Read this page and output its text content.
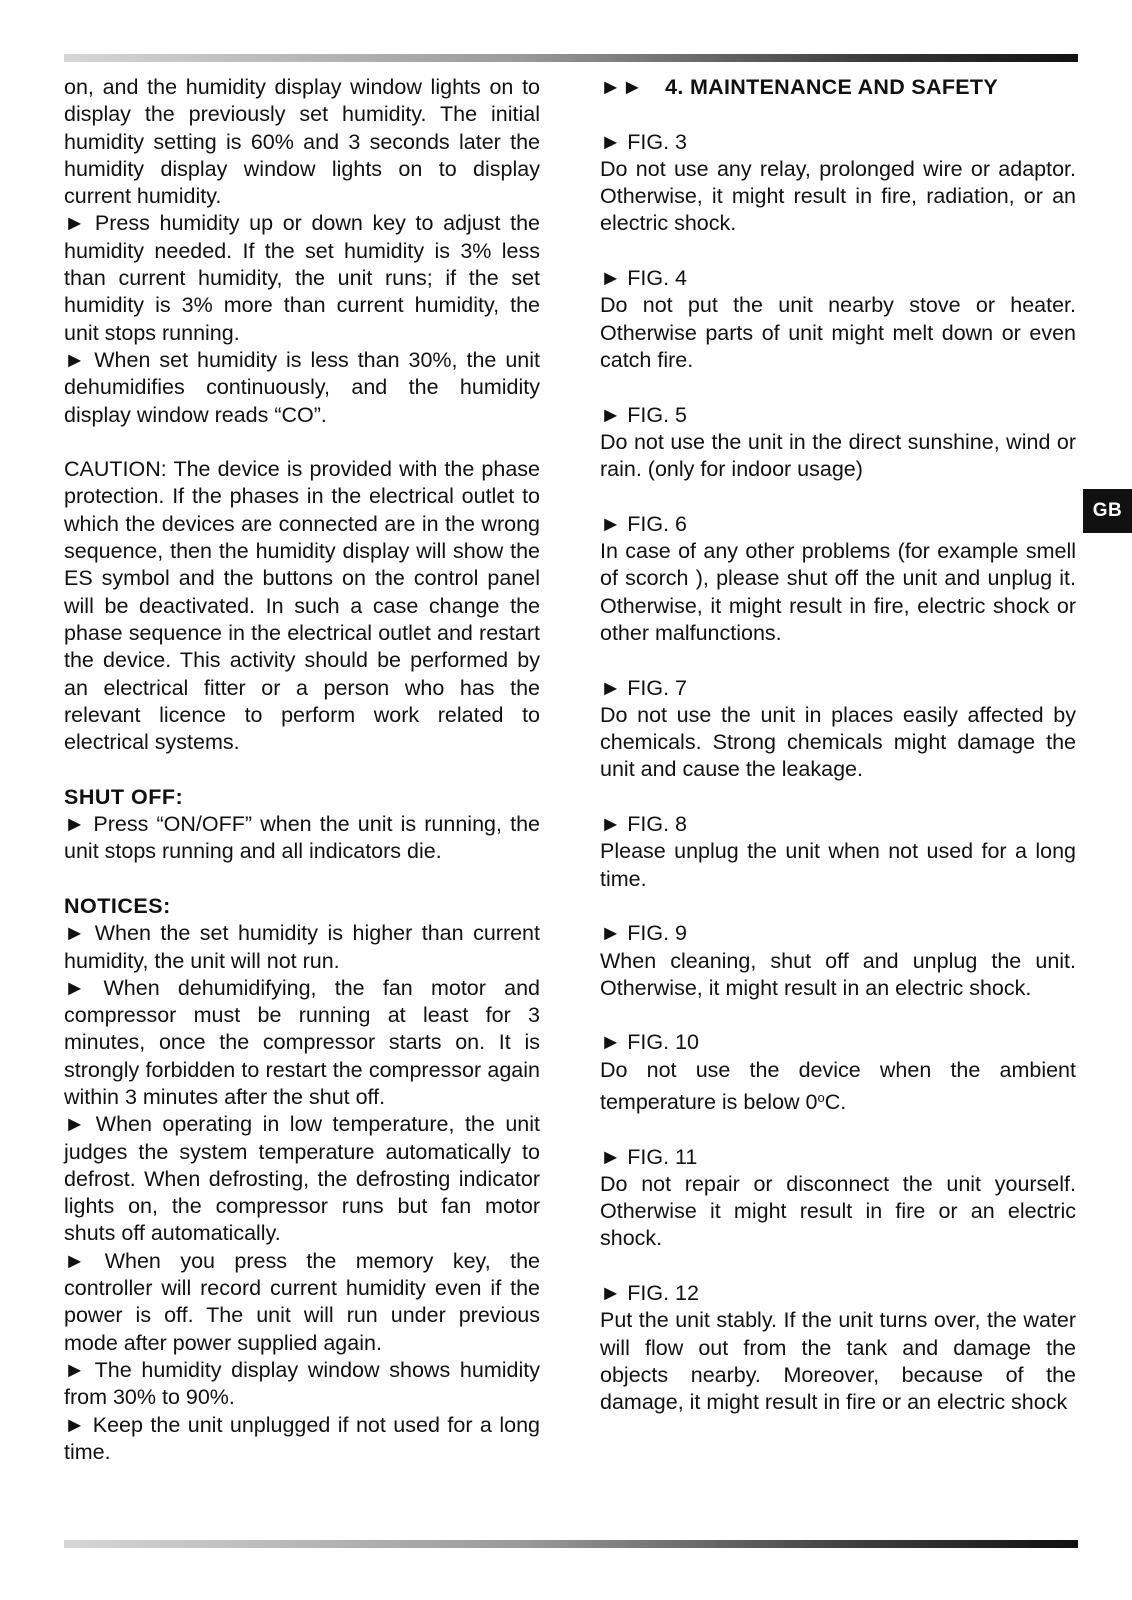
on, and the humidity display window lights on to display the previously set humidity. The initial humidity setting is 60% and 3 seconds later the humidity display window lights on to display current humidity.

► Press humidity up or down key to adjust the humidity needed. If the set humidity is 3% less than current humidity, the unit runs; if the set humidity is 3% more than current humidity, the unit stops running.

► When set humidity is less than 30%, the unit dehumidifies continuously, and the humidity display window reads “CO”.

CAUTION: The device is provided with the phase protection. If the phases in the electrical outlet to which the devices are connected are in the wrong sequence, then the humidity display will show the ES symbol and the buttons on the control panel will be deactivated. In such a case change the phase sequence in the electrical outlet and restart the device. This activity should be performed by an electrical fitter or a person who has the relevant licence to perform work related to electrical systems.

SHUT OFF:

► Press “ON/OFF” when the unit is running, the unit stops running and all indicators die.

NOTICES:

► When the set humidity is higher than current humidity, the unit will not run.

► When dehumidifying, the fan motor and compressor must be running at least for 3 minutes, once the compressor starts on. It is strongly forbidden to restart the compressor again within 3 minutes after the shut off.

► When operating in low temperature, the unit judges the system temperature automatically to defrost. When defrosting, the defrosting indicator lights on, the compressor runs but fan motor shuts off automatically.

► When you press the memory key, the controller will record current humidity even if the power is off. The unit will run under previous mode after power supplied again.

► The humidity display window shows humidity from 30% to 90%.

► Keep the unit unplugged if not used for a long time.

►► 4. MAINTENANCE AND SAFETY

► FIG. 3

Do not use any relay, prolonged wire or adaptor. Otherwise, it might result in fire, radiation, or an electric shock.

► FIG. 4

Do not put the unit nearby stove or heater. Otherwise parts of unit might melt down or even catch fire.

► FIG. 5

Do not use the unit in the direct sunshine, wind or rain. (only for indoor usage)

► FIG. 6

In case of any other problems (for example smell of scorch ), please shut off the unit and unplug it. Otherwise, it might result in fire, electric shock or other malfunctions.

► FIG. 7

Do not use the unit in places easily affected by chemicals. Strong chemicals might damage the unit and cause the leakage.

► FIG. 8

Please unplug the unit when not used for a long time.

► FIG. 9

When cleaning, shut off and unplug the unit. Otherwise, it might result in an electric shock.

► FIG. 10

Do not use the device when the ambient temperature is below 0$^o$C.

► FIG. 11

Do not repair or disconnect the unit yourself. Otherwise it might result in fire or an electric shock.

► FIG. 12

Put the unit stably. If the unit turns over, the water will flow out from the tank and damage the objects nearby. Moreover, because of the damage, it might result in fire or an electric shock

GB
